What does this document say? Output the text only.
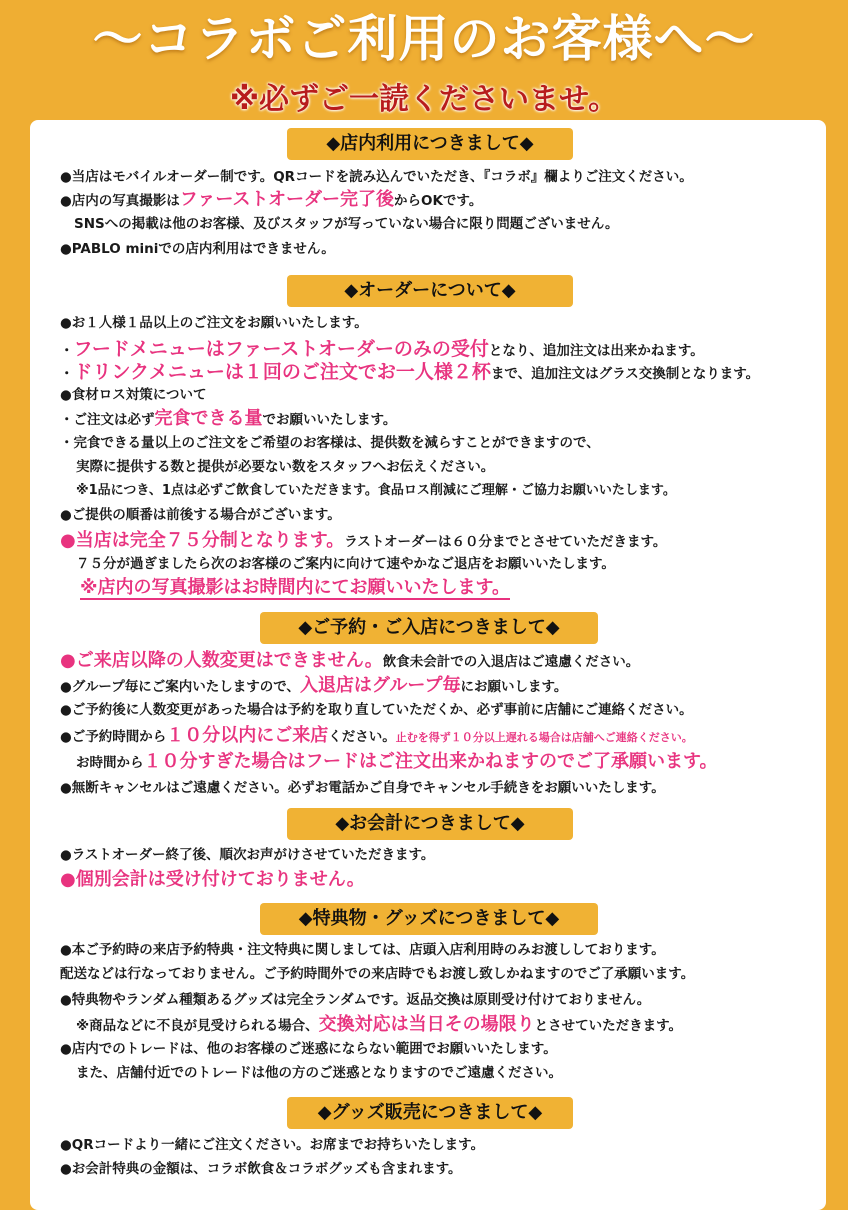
〜コラボご利用のお客様へ〜
※必ずご一読くださいませ。
◆店内利用につきまして◆
●当店はモバイルオーダー制です。QRコードを読み込んでいただき、『コラボ』欄よりご注文ください。
●店内の写真撮影はファーストオーダー完了後からOKです。
SNSへの掲載は他のお客様、及びスタッフが写っていない場合に限り問題ございません。
●PABLO miniでの店内利用はできません。
◆オーダーについて◆
●お１人様１品以上のご注文をお願いいたします。
・フードメニューはファーストオーダーのみの受付となり、追加注文は出来かねます。
・ドリンクメニューは１回のご注文でお一人様２杯まで、追加注文はグラス交換制となります。
●食材ロス対策について
・ご注文は必ず完食できる量でお願いいたします。
・完食できる量以上のご注文をご希望のお客様は、提供数を減らすことができますので、
実際に提供する数と提供が必要ない数をスタッフへお伝えください。
※1品につき、1点は必ずご飲食していただきます。食品ロス削減にご理解・ご協力お願いいたします。
●ご提供の順番は前後する場合がございます。
●当店は完全７５分制となります。ラストオーダーは６０分までとさせていただきます。
７５分が過ぎましたら次のお客様のご案内に向けて速やかなご退店をお願いいたします。
※店内の写真撮影はお時間内にてお願いいたします。
◆ご予約・ご入店につきまして◆
●ご来店以降の人数変更はできません。飲食未会計での入退店はご遠慮ください。
●グループ毎にご案内いたしますので、入退店はグループ毎にお願いします。
●ご予約後に人数変更があった場合は予約を取り直していただくか、必ず事前に店舗にご連絡ください。
●ご予約時間から１０分以内にご来店ください。止むを得ず１０分以上遅れる場合は店舗へご連絡ください。
お時間から１０分すぎた場合はフードはご注文出来かねますのでご了承願います。
●無断キャンセルはご遠慮ください。必ずお電話かご自身でキャンセル手続きをお願いいたします。
◆お会計につきまして◆
●ラストオーダー終了後、順次お声がけさせていただきます。
●個別会計は受け付けておりません。
◆特典物・グッズにつきまして◆
●本ご予約時の来店予約特典・注文特典に関しましては、店頭入店利用時のみお渡ししております。
配送などは行なっておりません。ご予約時間外での来店時でもお渡し致しかねますのでご了承願います。
●特典物やランダム種類あるグッズは完全ランダムです。返品交換は原則受け付けておりません。
※商品などに不良が見受けられる場合、交換対応は当日その場限りとさせていただきます。
●店内でのトレードは、他のお客様のご迷惑にならない範囲でお願いいたします。
また、店舗付近でのトレードは他の方のご迷惑となりますのでご遠慮ください。
◆グッズ販売につきまして◆
●QRコードより一緒にご注文ください。お席までお持ちいたします。
●お会計特典の金額は、コラボ飲食＆コラボグッズも含まれます。
